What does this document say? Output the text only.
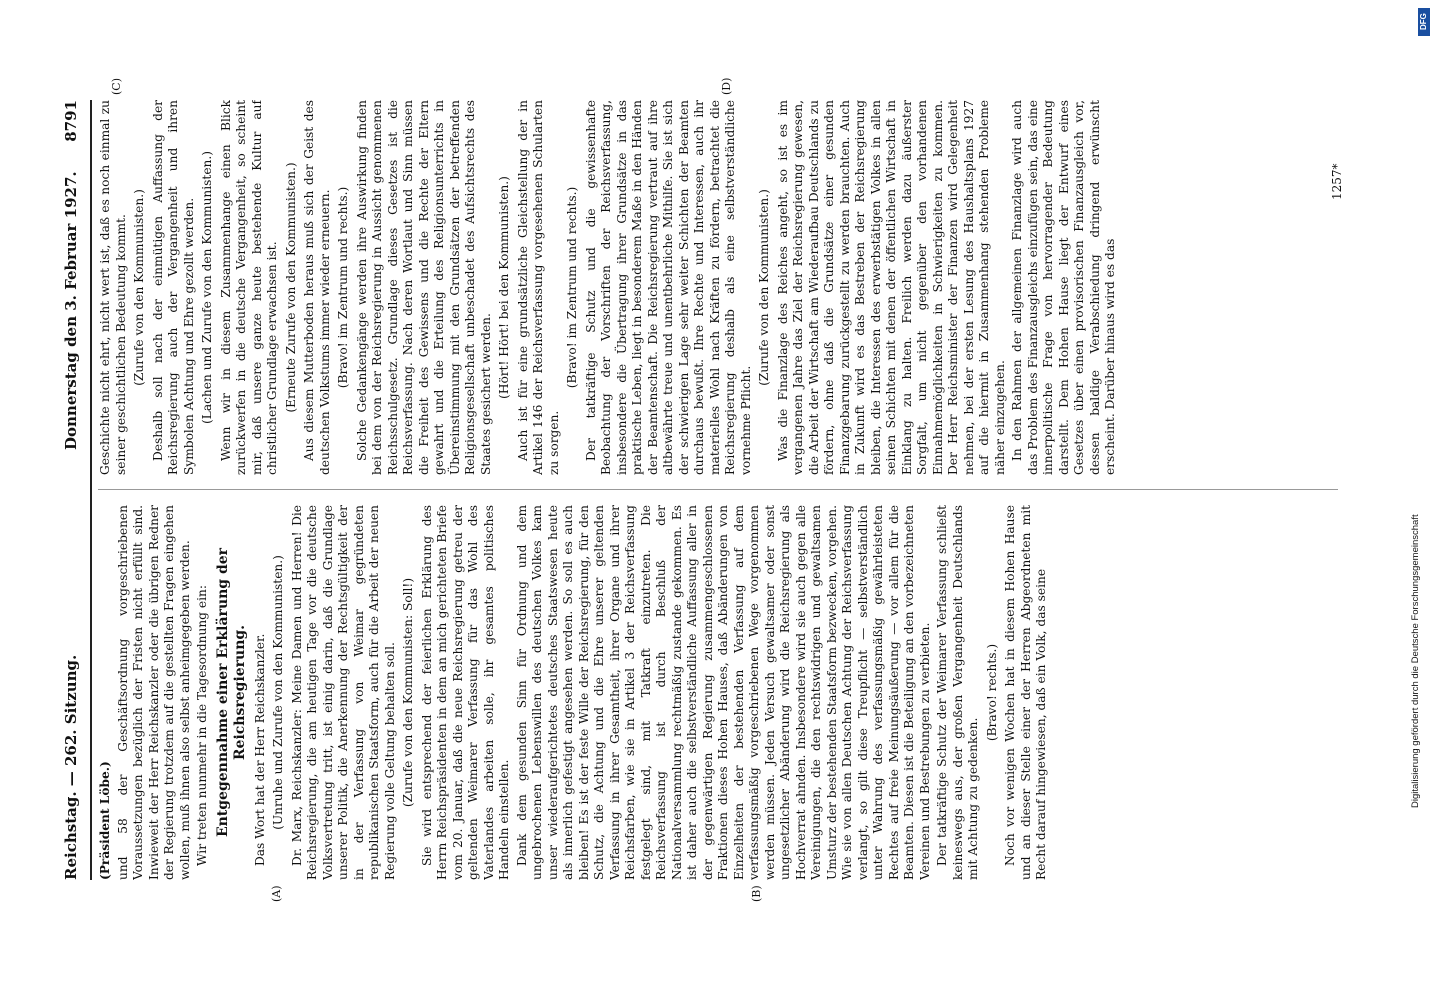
Reichstag. — 262. Sitzung.
Donnerstag den 3. Februar 1927.
8791

(Präsident Löbe.) und 58 der Geschäftsordnung vorgeschriebenen Voraussetzungen bezüglich der Fristen nicht erfüllt sind. Inwieweit der Herr Reichskanzler oder die übrigen Redner der Regierung trotzdem auf die gestellten Fragen eingehen wollen, muß ihnen also selbst anheimgegeben werden. Wir treten nunmehr in die Tagesordnung ein: Entgegennahme einer Erklärung der Reichsregierung. Das Wort hat der Herr Reichskanzler. (Unruhe und Zurufe von den Kommunisten.) Dr. Marx, Reichskanzler: Meine Damen und Herren! Die Reichsregierung, die am heutigen Tage vor die deutsche Volksvertretung tritt, ist einig darin, daß die Grundlage unserer Politik, die Anerkennung der Rechtsgültigkeit der in der Verfassung von Weimar gegründeten republikanischen Staatsform, auch für die Arbeit der neuen Regierung volle Geltung behalten soll. (Zurufe von den Kommunisten: Soll!) Sie wird entsprechend der feierlichen Erklärung des Herrn Reichspräsidenten in dem an mich gerichteten Briefe vom 20. Januar, daß die neue Reichsregierung getreu der geltenden Weimarer Verfassung für das Wohl des Vaterlandes arbeiten solle, ihr gesamtes politisches Handeln einstellen. Dank dem gesunden Sinn für Ordnung und dem ungebrochenen Lebenswillen des deutschen Volkes kam unser wiederaufgerichtetes deutsches Staatswesen heute als innerlich gefestigt angesehen werden. So soll es auch bleiben! Es ist der feste Wille der Reichsregierung, für den Schutz, die Achtung und die Ehre unserer geltenden Verfassung in ihrer Gesamtheit, ihrer Organe und ihrer Reichsfarben, wie sie in Artikel 3 der Reichsverfassung festgelegt sind, mit Tatkraft einzutreten. Die Reichsverfassung ist durch Beschluß der Nationalversammlung rechtmäßig zustande gekommen. Es ist daher auch die selbstverständliche Auffassung aller in der gegenwärtigen Regierung zusammengeschlossenen Fraktionen dieses Hohen Hauses, daß Abänderungen von Einzelheiten der bestehenden Verfassung auf dem verfassungsmäßig vorgeschriebenen Wege vorgenommen werden müssen. Jeden Versuch gewaltsamer oder sonst ungesetzlicher Abänderung wird die Reichsregierung als Hochverrat ahnden. Insbesondere wird sie auch gegen alle Vereinigungen, die den rechtswidrigen und gewaltsamen Umsturz der bestehenden Staatsform bezwecken, vorgehen. Wie sie von allen Deutschen Achtung der Reichsverfassung verlangt, so gilt diese Treupflicht — selbstverständlich unter Wahrung des verfassungsmäßig gewährleisteten Rechtes auf freie Meinungsäußerung — vor allem für die Beamten. Diesen ist die Beteiligung an den vorbezeichneten Vereinen und Bestrebungen zu verbieten. Der tatkräftige Schutz der Weimarer Verfassung schließt keineswegs aus, der großen Vergangenheit Deutschlands mit Achtung zu gedenken.

(Bravo! rechts.) Noch vor wenigen Wochen hat in diesem Hohen Hause und an dieser Stelle einer der Herren Abgeordneten mit Recht darauf hingewiesen, daß ein Volk, das seine

Geschichte nicht ehrt, nicht wert ist, daß es noch einmal zu seiner geschichtlichen Bedeutung kommt. (Zurufe von den Kommunisten.) Deshalb soll nach der einmütigen Auffassung der Reichsregierung auch der Vergangenheit und ihren Symbolen Achtung und Ehre gezollt werden. (Lachen und Zurufe von den Kommunisten.) Wenn wir in diesem Zusammenhange einen Blick zurückwerfen in die deutsche Vergangenheit, so scheint mir, daß unsere ganze heute bestehende Kultur auf christlicher Grundlage erwachsen ist. (Erneute Zurufe von den Kommunisten.) Aus diesem Mutterboden heraus muß sich der Geist des deutschen Volkstums immer wieder erneuern. (Bravo! im Zentrum und rechts.) Solche Gedankengänge werden ihre Auswirkung finden bei dem von der Reichsregierung in Aussicht genommenen Reichsschulgesetz. Grundlage dieses Gesetzes ist die Reichsverfassung. Nach deren Wortlaut und Sinn müssen die Freiheit des Gewissens und die Rechte der Eltern gewahrt und die Erteilung des Religionsunterrichts in Übereinstimmung mit den Grundsätzen der betreffenden Religionsgesellschaft unbeschadet des Aufsichtsrechts des Staates gesichert werden. (Hört! Hört! bei den Kommunisten.) Auch ist für eine grundsätzliche Gleichstellung der in Artikel 146 der Reichsverfassung vorgesehenen Schularten zu sorgen.

(Bravo! im Zentrum und rechts.) Der tatkräftige Schutz und die gewissenhafte Beobachtung der Vorschriften der Reichsverfassung, insbesondere die Übertragung ihrer Grundsätze in das praktische Leben, liegt in besonderem Maße in den Händen der Beamtenschaft. Die Reichsregierung vertraut auf ihre altbewährte treue und unentbehrliche Mithilfe. Sie ist sich der schwierigen Lage sehr weiter Schichten der Beamten durchaus bewußt. Ihre Rechte und Interessen, auch ihr materielles Wohl nach Kräften zu fördern, betrachtet die Reichsregierung deshalb als eine selbstverständliche vornehme Pflicht.

(Zurufe von den Kommunisten.) Was die Finanzlage des Reiches angeht, so ist es im vergangenen Jahre das Ziel der Reichsregierung gewesen, die Arbeit der Wirtschaft am Wiederaufbau Deutschlands zu fördern, ohne daß die Grundsätze einer gesunden Finanzgebarung zurückgestellt zu werden brauchten. Auch in Zukunft wird es das Bestreben der Reichsregierung bleiben, die Interessen des erwerbstätigen Volkes in allen seinen Schichten mit denen der öffentlichen Wirtschaft in Einklang zu halten. Freilich werden dazu äußerster Sorgfalt, um nicht gegenüber den vorhandenen Einnahmemöglichkeiten in Schwierigkeiten zu kommen. Der Herr Reichsminister der Finanzen wird Gelegenheit nehmen, bei der ersten Lesung des Haushaltsplans 1927 auf die hiermit in Zusammenhang stehenden Probleme näher einzugehen. In den Rahmen der allgemeinen Finanzlage wird auch das Problem des Finanzausgleichs einzufügen sein, das eine innerpolitische Frage von hervorragender Bedeutung darstellt. Dem Hohen Hause liegt der Entwurf eines Gesetzes über einen provisorischen Finanzausgleich vor, dessen baldige Verabschiedung dringend erwünscht erscheint. Darüber hinaus wird es das

(A)	(B)
(C)	(D)
1257*
DFG
Digitalisierung gefördert durch die Deutsche Forschungsgemeinschaft
